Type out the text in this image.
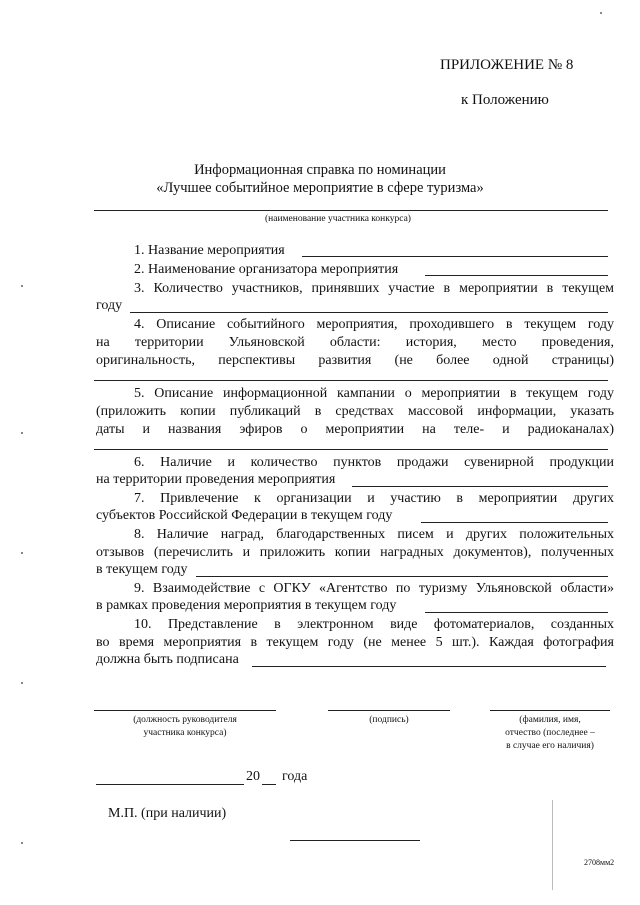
ПРИЛОЖЕНИЕ № 8
к Положению
Информационная справка по номинации
«Лучшее событийное мероприятие в сфере туризма»
(наименование участника конкурса)
1. Название мероприятия
2. Наименование организатора мероприятия
3. Количество участников, принявших участие в мероприятии в текущем
году
4. Описание событийного мероприятия, проходившего в текущем году
на территории Ульяновской области: история, место проведения,
оригинальность, перспективы развития (не более одной страницы)
5. Описание информационной кампании о мероприятии в текущем году
(приложить копии публикаций в средствах массовой информации, указать
даты и названия эфиров о мероприятии на теле- и радиоканалах)
6. Наличие и количество пунктов продажи сувенирной продукции
на территории проведения мероприятия
7. Привлечение к организации и участию в мероприятии других
субъектов Российской Федерации в текущем году
8. Наличие наград, благодарственных писем и других положительных
отзывов (перечислить и приложить копии наградных документов), полученных
в текущем году
9. Взаимодействие с ОГКУ «Агентство по туризму Ульяновской области»
в рамках проведения мероприятия в текущем году
10. Представление в электронном виде фотоматериалов, созданных
во время мероприятия в текущем году (не менее 5 шт.). Каждая фотография
должна быть подписана
(должность руководителя
участника конкурса)
(подпись)	(фамилия, имя,
отчество (последнее –
в случае его наличия)
20 года
М.П. (при наличии)
2708мм2
